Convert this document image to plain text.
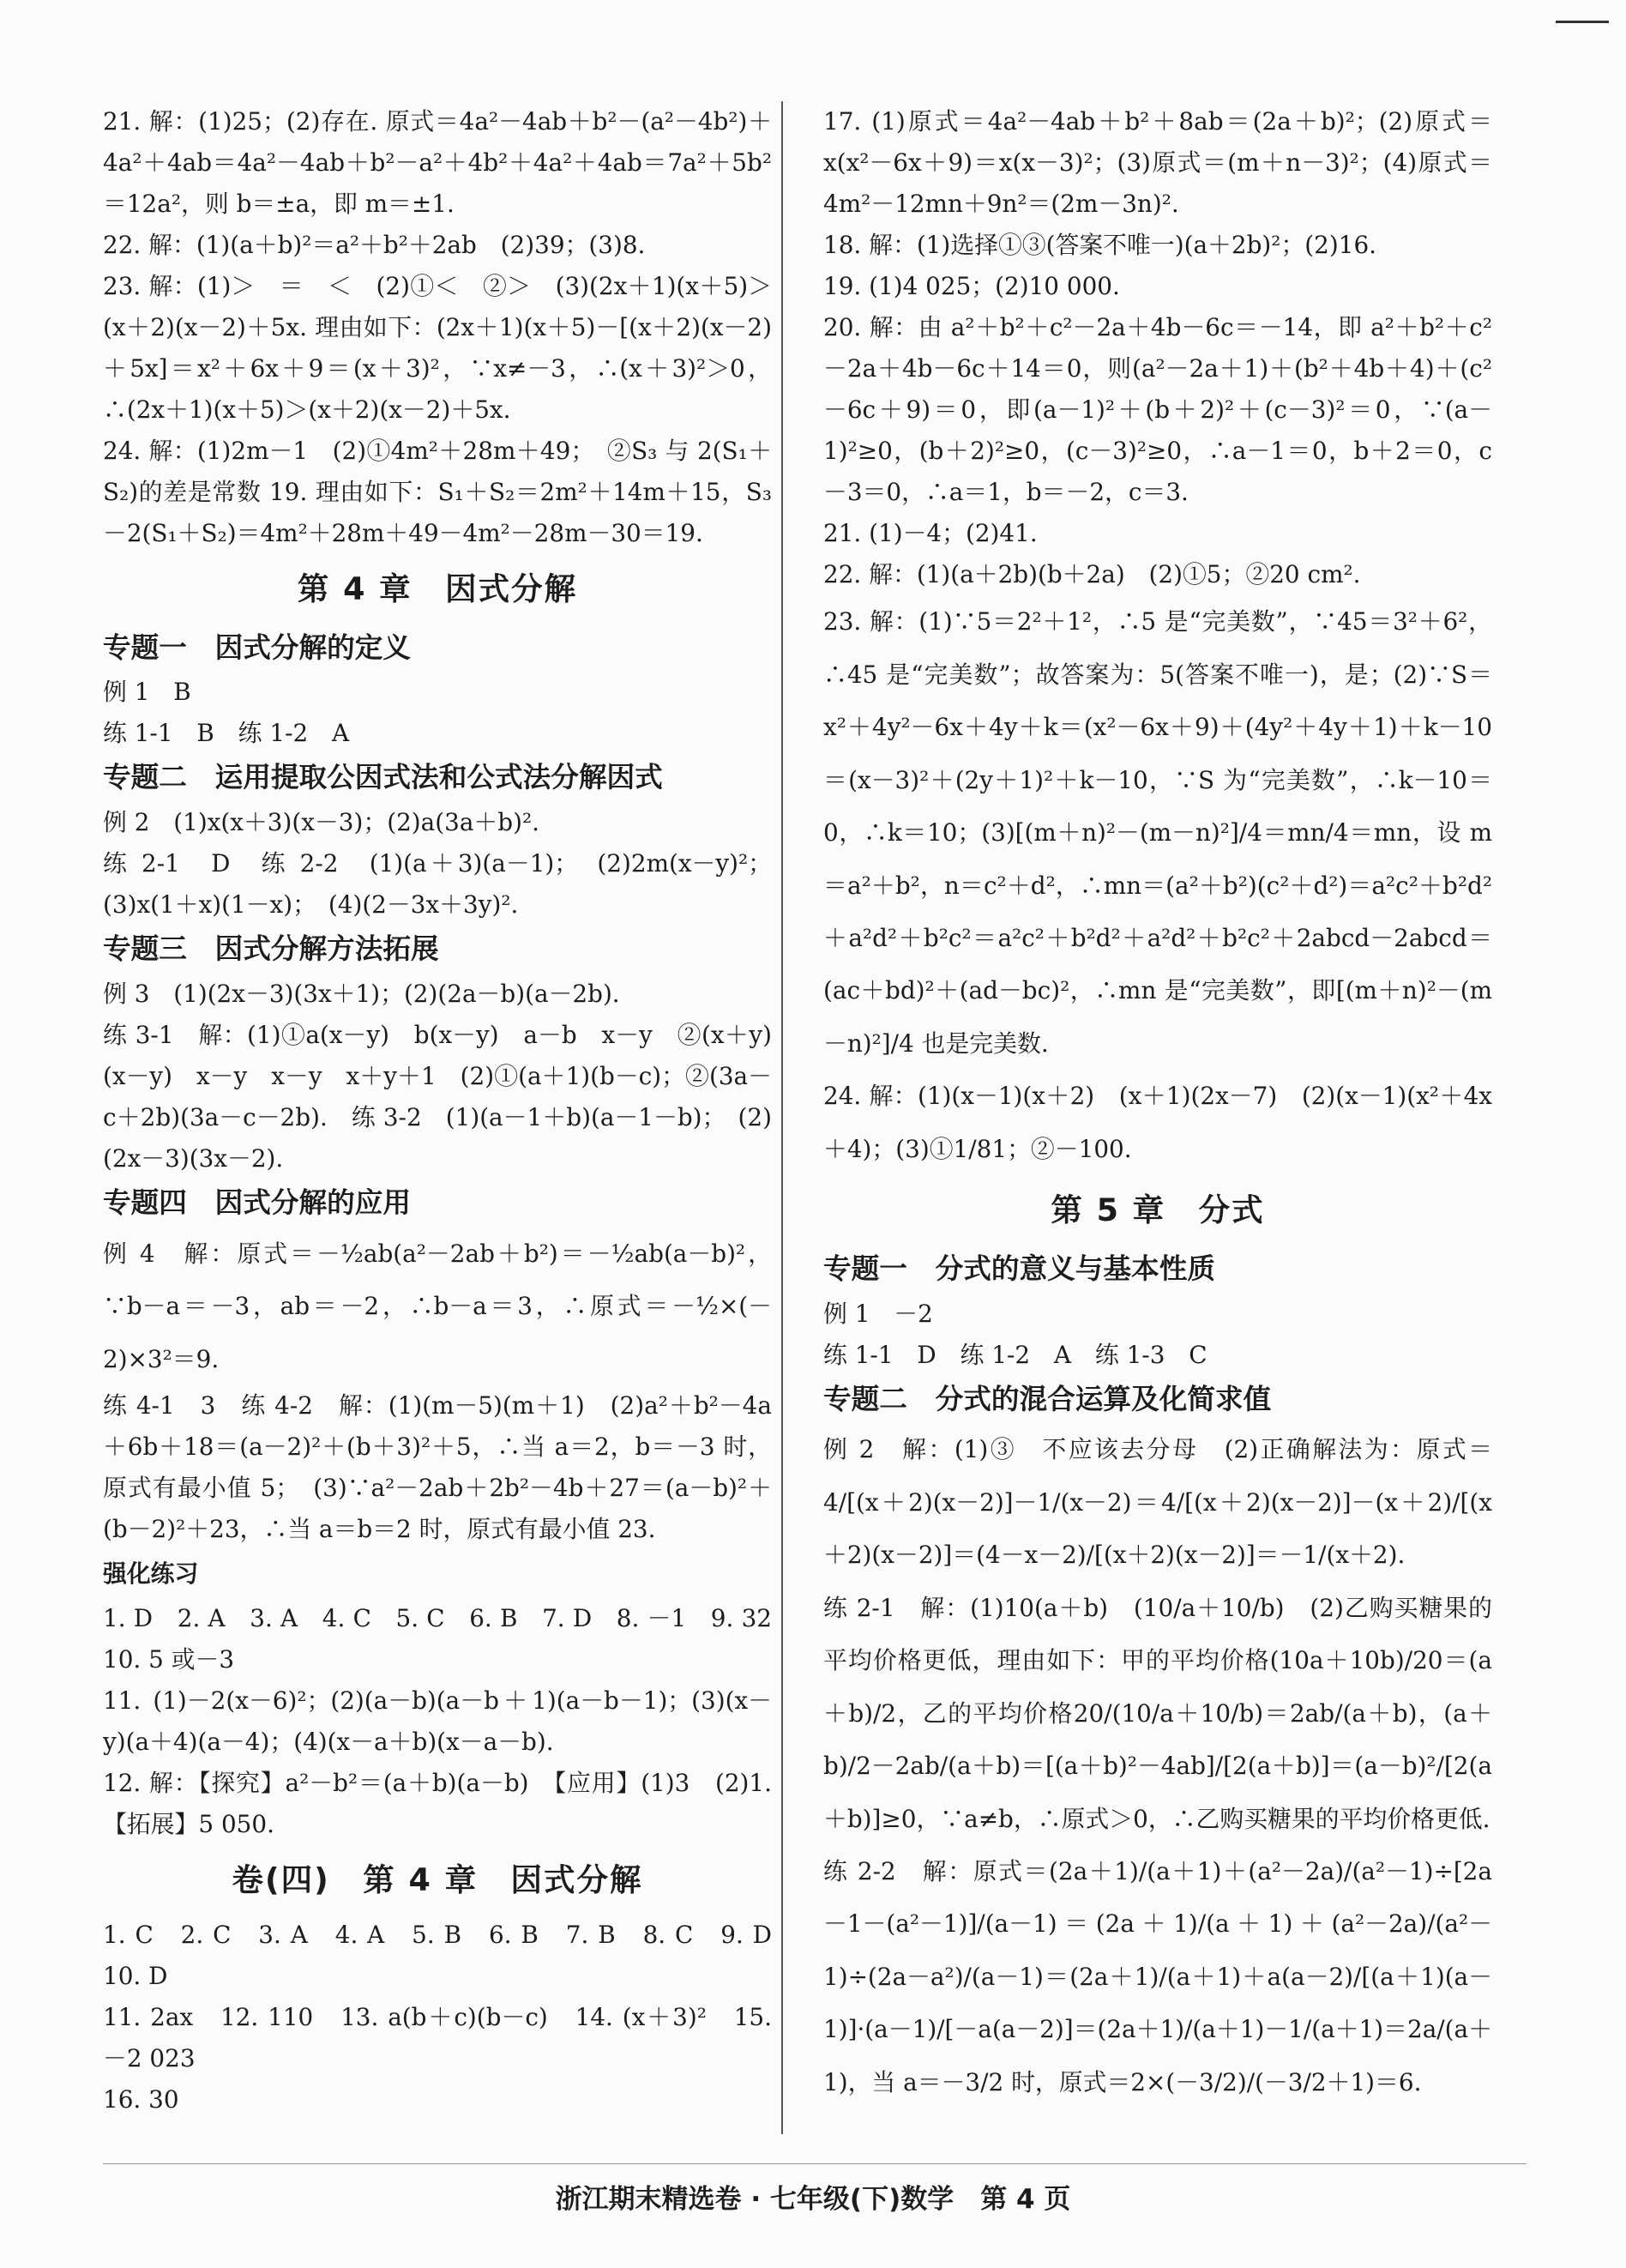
21. 解：(1)25；(2)存在. 原式＝4a²－4ab＋b²－(a²－4b²)＋4a²＋4ab＝4a²－4ab＋b²－a²＋4b²＋4a²＋4ab＝7a²＋5b²＝12a²，则 b＝±a，即 m＝±1.
22. 解：(1)(a＋b)²＝a²＋b²＋2ab　(2)39；(3)8.
23. 解：(1)＞　＝　＜　(2)①＜　②＞　(3)(2x＋1)(x＋5)＞(x＋2)(x－2)＋5x. 理由如下：(2x＋1)(x＋5)－[(x＋2)(x－2)＋5x]＝x²＋6x＋9＝(x＋3)²，∵x≠－3，∴(x＋3)²＞0，∴(2x＋1)(x＋5)＞(x＋2)(x－2)＋5x.
24. 解：(1)2m－1　(2)①4m²＋28m＋49；　②S₃ 与 2(S₁＋S₂)的差是常数 19. 理由如下：S₁＋S₂＝2m²＋14m＋15，S₃－2(S₁＋S₂)＝4m²＋28m＋49－4m²－28m－30＝19.
第 4 章　因式分解
专题一　因式分解的定义
例 1　B
练 1-1　B　练 1-2　A
专题二　运用提取公因式法和公式法分解因式
例 2　(1)x(x＋3)(x－3)；(2)a(3a＋b)².
练 2-1　D　练 2-2　(1)(a＋3)(a－1)；　(2)2m(x－y)²；(3)x(1＋x)(1－x)；　(4)(2－3x＋3y)².
专题三　因式分解方法拓展
例 3　(1)(2x－3)(3x＋1)；(2)(2a－b)(a－2b).
练 3-1　解：(1)①a(x－y)　b(x－y)　a－b　x－y　②(x＋y)(x－y)　x－y　x－y　x＋y＋1　(2)①(a＋1)(b－c)；②(3a－c＋2b)(3a－c－2b).　练 3-2　(1)(a－1＋b)(a－1－b)；　(2)(2x－3)(3x－2).
专题四　因式分解的应用
例 4　解：原式＝－½ab(a²－2ab＋b²)＝－½ab(a－b)²，∵b－a＝－3，ab＝－2，∴b－a＝3，∴原式＝－½×(－2)×3²＝9.
练 4-1　3　练 4-2　解：(1)(m－5)(m＋1)　(2)a²＋b²－4a＋6b＋18＝(a－2)²＋(b＋3)²＋5，∴当 a＝2，b＝－3 时，原式有最小值 5；　(3)∵a²－2ab＋2b²－4b＋27＝(a－b)²＋(b－2)²＋23，∴当 a＝b＝2 时，原式有最小值 23.
强化练习
1. D　2. A　3. A　4. C　5. C　6. B　7. D　8. －1　9. 32　10. 5 或－3
11. (1)－2(x－6)²；(2)(a－b)(a－b＋1)(a－b－1)；(3)(x－y)(a＋4)(a－4)；(4)(x－a＋b)(x－a－b).
12. 解：【探究】a²－b²＝(a＋b)(a－b)　【应用】(1)3　(2)1.【拓展】5 050.
卷(四)　第 4 章　因式分解
1. C　2. C　3. A　4. A　5. B　6. B　7. B　8. C　9. D　10. D
11. 2ax　12. 110　13. a(b＋c)(b－c)　14. (x＋3)²　15. －2 023
16. 30
17. (1)原式＝4a²－4ab＋b²＋8ab＝(2a＋b)²；(2)原式＝x(x²－6x＋9)＝x(x－3)²；(3)原式＝(m＋n－3)²；(4)原式＝4m²－12mn＋9n²＝(2m－3n)².
18. 解：(1)选择①③(答案不唯一)(a＋2b)²；(2)16.
19. (1)4 025；(2)10 000.
20. 解：由 a²＋b²＋c²－2a＋4b－6c＝－14，即 a²＋b²＋c²－2a＋4b－6c＋14＝0，则(a²－2a＋1)＋(b²＋4b＋4)＋(c²－6c＋9)＝0，即(a－1)²＋(b＋2)²＋(c－3)²＝0，∵(a－1)²≥0，(b＋2)²≥0，(c－3)²≥0，∴a－1＝0，b＋2＝0，c－3＝0，∴a＝1，b＝－2，c＝3.
21. (1)－4；(2)41.
22. 解：(1)(a＋2b)(b＋2a)　(2)①5；②20 cm².
23. 解：(1)∵5＝2²＋1²，∴5 是“完美数”，∵45＝3²＋6²，∴45 是“完美数”；故答案为：5(答案不唯一)，是；(2)∵S＝x²＋4y²－6x＋4y＋k＝(x²－6x＋9)＋(4y²＋4y＋1)＋k－10＝(x－3)²＋(2y＋1)²＋k－10，∵S 为“完美数”，∴k－10＝0，∴k＝10；(3)[(m＋n)²－(m－n)²]/4＝mn/4＝mn，设 m＝a²＋b²，n＝c²＋d²，∴mn＝(a²＋b²)(c²＋d²)＝a²c²＋b²d²＋a²d²＋b²c²＝a²c²＋b²d²＋a²d²＋b²c²＋2abcd－2abcd＝(ac＋bd)²＋(ad－bc)²，∴mn 是“完美数”，即[(m＋n)²－(m－n)²]/4 也是完美数.
24. 解：(1)(x－1)(x＋2)　(x＋1)(2x－7)　(2)(x－1)(x²＋4x＋4)；(3)①1/81；②－100.
第 5 章　分式
专题一　分式的意义与基本性质
例 1　－2
练 1-1　D　练 1-2　A　练 1-3　C
专题二　分式的混合运算及化简求值
例 2　解：(1)③　不应该去分母　(2)正确解法为：原式＝4/[(x＋2)(x－2)]－1/(x－2)＝4/[(x＋2)(x－2)]－(x＋2)/[(x＋2)(x－2)]＝(4－x－2)/[(x＋2)(x－2)]＝－1/(x＋2).
练 2-1　解：(1)10(a＋b)　(10/a＋10/b)　(2)乙购买糖果的平均价格更低，理由如下：甲的平均价格(10a＋10b)/20＝(a＋b)/2，乙的平均价格20/(10/a＋10/b)＝2ab/(a＋b)，(a＋b)/2－2ab/(a＋b)＝[(a＋b)²－4ab]/[2(a＋b)]＝(a－b)²/[2(a＋b)]≥0，∵a≠b，∴原式＞0，∴乙购买糖果的平均价格更低.
练 2-2　解：原式＝(2a＋1)/(a＋1)＋(a²－2a)/(a²－1)÷[2a－1－(a²－1)]/(a－1)＝(2a＋1)/(a＋1)＋(a²－2a)/(a²－1)÷(2a－a²)/(a－1)＝(2a＋1)/(a＋1)＋a(a－2)/[(a＋1)(a－1)]·(a－1)/[－a(a－2)]＝(2a＋1)/(a＋1)－1/(a＋1)＝2a/(a＋1)，当 a＝－3/2 时，原式＝2×(－3/2)/(－3/2＋1)＝6.
浙江期末精选卷 · 七年级(下)数学　第 4 页
